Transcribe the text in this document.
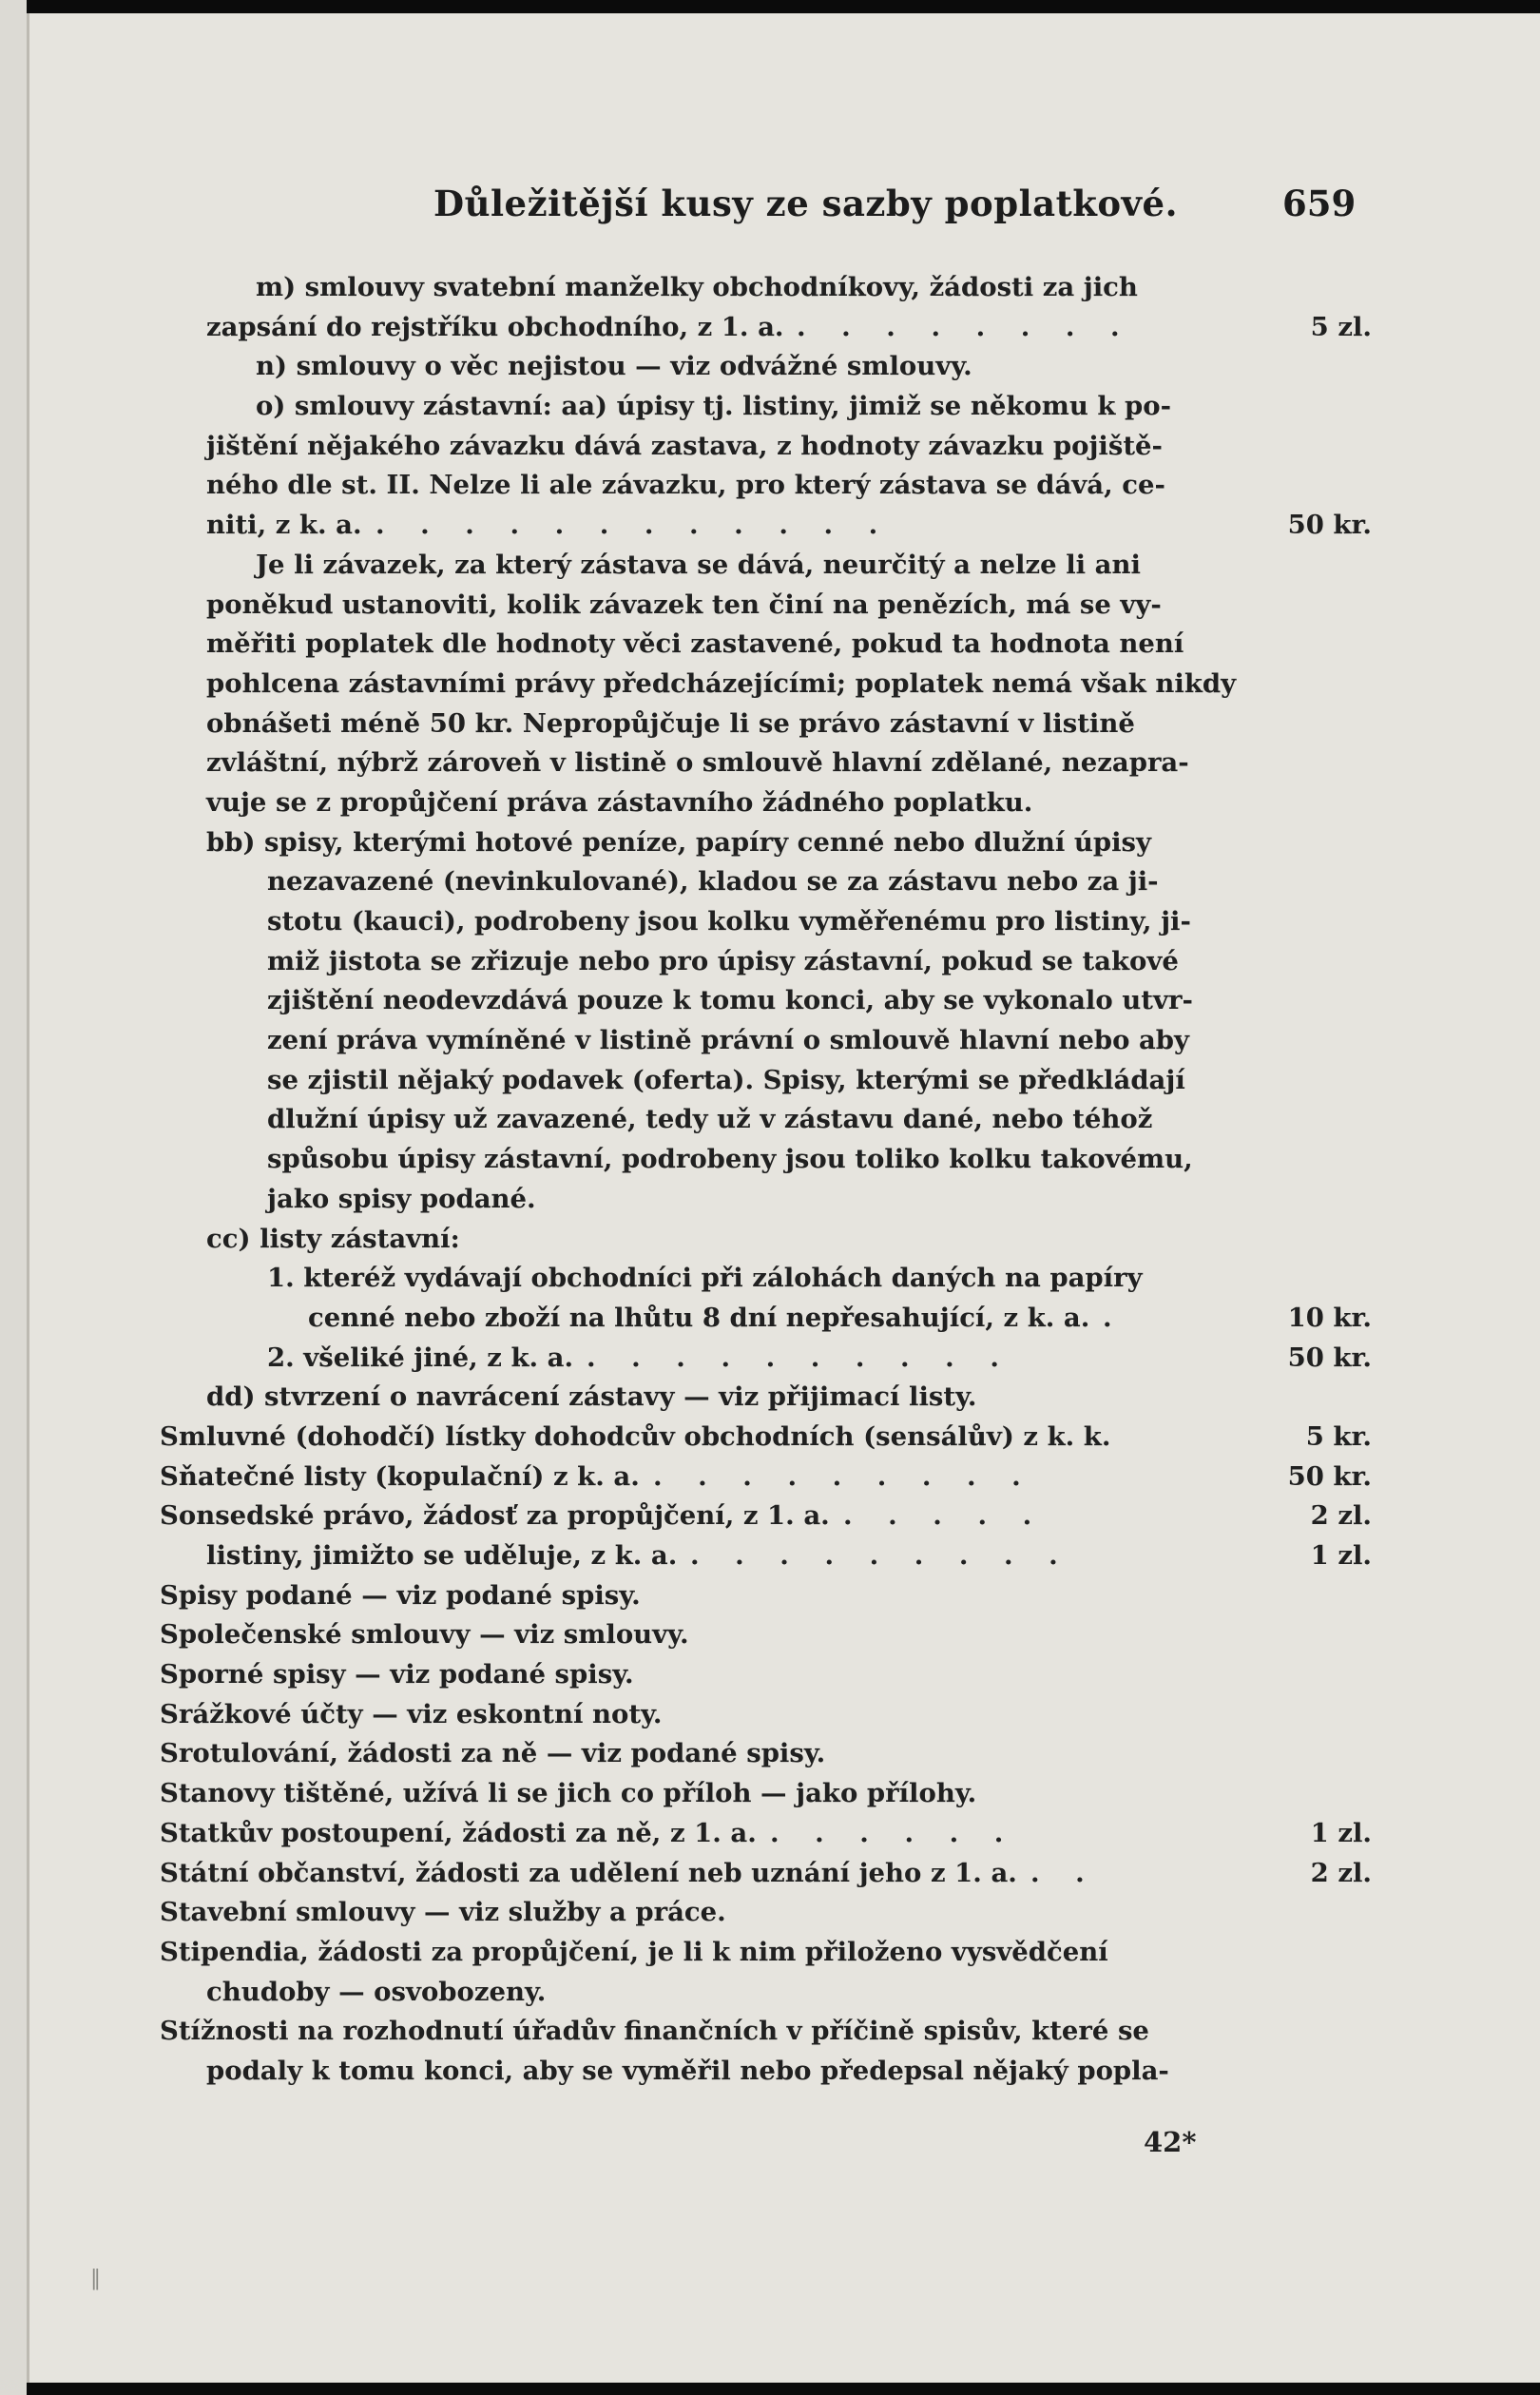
Důležitější kusy ze sazby poplatkové.	659
m) smlouvy svatební manželky obchodníkovy, žádosti za jich
zapsání do rejstříku obchodního, z 1. a. . . . . . . . .	5 zl.
n) smlouvy o věc nejistou — viz odvážné smlouvy.
o) smlouvy zástavní: aa) úpisy tj. listiny, jimiž se někomu k po-
jištění nějakého závazku dává zastava, z hodnoty závazku pojiště-
ného dle st. II. Nelze li ale závazku, pro který zástava se dává, ce-
niti, z k. a. . . . . . . . . . . . .	50 kr.
Je li závazek, za který zástava se dává, neurčitý a nelze li ani
poněkud ustanoviti, kolik závazek ten činí na penězích, má se vy-
měřiti poplatek dle hodnoty věci zastavené, pokud ta hodnota není
pohlcena zástavními právy předcházejícími; poplatek nemá však nikdy
obnášeti méně 50 kr. Nepropůjčuje li se právo zástavní v listině
zvláštní, nýbrž zároveň v listině o smlouvě hlavní zdělané, nezapra-
vuje se z propůjčení práva zástavního žádného poplatku.
bb) spisy, kterými hotové peníze, papíry cenné nebo dlužní úpisy
nezavazené (nevinkulované), kladou se za zástavu nebo za ji-
stotu (kauci), podrobeny jsou kolku vyměřenému pro listiny, ji-
miž jistota se zřizuje nebo pro úpisy zástavní, pokud se takové
zjištění neodevzdává pouze k tomu konci, aby se vykonalo utvr-
zení práva vymíněné v listině právní o smlouvě hlavní nebo aby
se zjistil nějaký podavek (oferta). Spisy, kterými se předkládají
dlužní úpisy už zavazené, tedy už v zástavu dané, nebo téhož
spůsobu úpisy zástavní, podrobeny jsou toliko kolku takovému,
jako spisy podané.
cc) listy zástavní:
1. kteréž vydávají obchodníci při zálohách daných na papíry
cenné nebo zboží na lhůtu 8 dní nepřesahující, z k. a. .	10 kr.
2. všeliké jiné, z k. a. . . . . . . . . . .	50 kr.
dd) stvrzení o navrácení zástavy — viz přijimací listy.
Smluvné (dohodčí) lístky dohodcův obchodních (sensálův) z k. k.	5 kr.
Sňatečné listy (kopulační) z k. a. . . . . . . . . .	50 kr.
Sonsedské právo, žádosť za propůjčení, z 1. a. . . . . .	2 zl.
listiny, jimižto se uděluje, z k. a. . . . . . . . . .	1 zl.
Spisy podané — viz podané spisy.
Společenské smlouvy — viz smlouvy.
Sporné spisy — viz podané spisy.
Srážkové účty — viz eskontní noty.
Srotulování, žádosti za ně — viz podané spisy.
Stanovy tištěné, užívá li se jich co příloh — jako přílohy.
Statkův postoupení, žádosti za ně, z 1. a. . . . . . .	1 zl.
Státní občanství, žádosti za udělení neb uznání jeho z 1. a. . .	2 zl.
Stavební smlouvy — viz služby a práce.
Stipendia, žádosti za propůjčení, je li k nim přiloženo vysvědčení
chudoby — osvobozeny.
Stížnosti na rozhodnutí úřadův finančních v příčině spisův, které se
podaly k tomu konci, aby se vyměřil nebo předepsal nějaký popla-
42*
‖
